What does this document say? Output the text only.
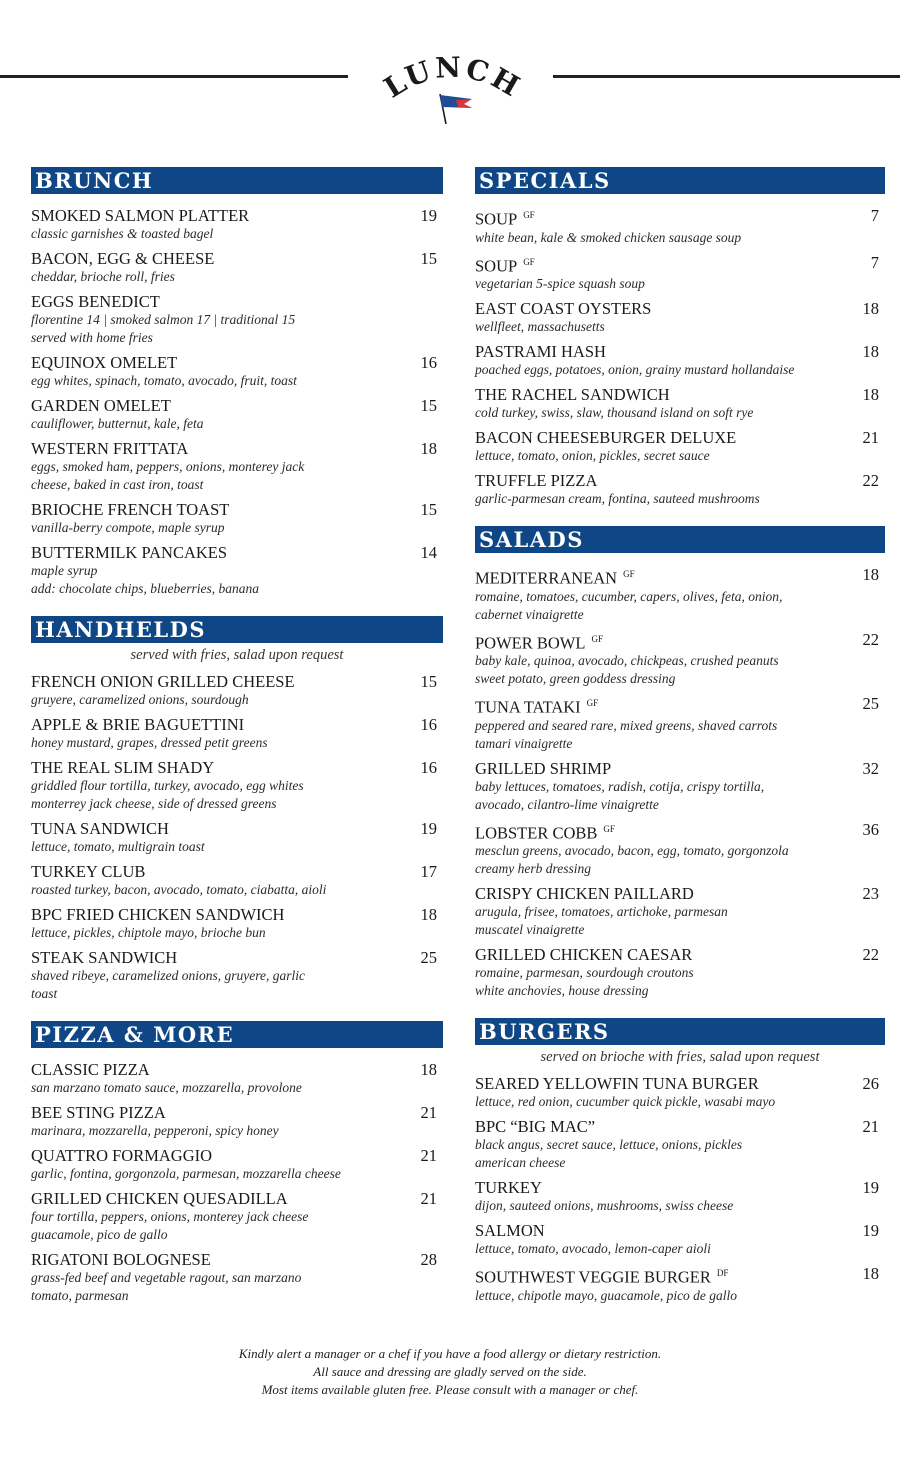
LUNCH
BRUNCH
SMOKED SALMON PLATTER	19
classic garnishes & toasted bagel
BACON, EGG & CHEESE	15
cheddar, brioche roll, fries
EGGS BENEDICT
florentine 14 | smoked salmon 17 | traditional 15
served with home fries
EQUINOX OMELET	16
egg whites, spinach, tomato, avocado, fruit, toast
GARDEN OMELET	15
cauliflower, butternut, kale, feta
WESTERN FRITTATA	18
eggs, smoked ham, peppers, onions, monterey jack
cheese, baked in cast iron, toast
BRIOCHE FRENCH TOAST	15
vanilla-berry compote, maple syrup
BUTTERMILK PANCAKES	14
maple syrup
add: chocolate chips, blueberries, banana
HANDHELDS
served with fries, salad upon request
FRENCH ONION GRILLED CHEESE	15
gruyere, caramelized onions, sourdough
APPLE & BRIE BAGUETTINI	16
honey mustard, grapes, dressed petit greens
THE REAL SLIM SHADY	16
griddled flour tortilla, turkey, avocado, egg whites
monterrey jack cheese, side of dressed greens
TUNA SANDWICH	19
lettuce, tomato, multigrain toast
TURKEY CLUB	17
roasted turkey, bacon, avocado, tomato, ciabatta, aioli
BPC FRIED CHICKEN SANDWICH	18
lettuce, pickles, chiptole mayo, brioche bun
STEAK SANDWICH	25
shaved ribeye, caramelized onions, gruyere, garlic
toast
PIZZA & MORE
CLASSIC PIZZA	18
san marzano tomato sauce, mozzarella, provolone
BEE STING PIZZA	21
marinara, mozzarella, pepperoni, spicy honey
QUATTRO FORMAGGIO	21
garlic, fontina, gorgonzola, parmesan, mozzarella cheese
GRILLED CHICKEN QUESADILLA	21
four tortilla, peppers, onions, monterey jack cheese
guacamole, pico de gallo
RIGATONI BOLOGNESE	28
grass-fed beef and vegetable ragout, san marzano
tomato, parmesan
SPECIALS
SOUP $^{GF}$	7
white bean, kale & smoked chicken sausage soup
SOUP $^{GF}$	7
vegetarian 5-spice squash soup
EAST COAST OYSTERS	18
wellfleet, massachusetts
PASTRAMI HASH	18
poached eggs, potatoes, onion, grainy mustard hollandaise
THE RACHEL SANDWICH	18
cold turkey, swiss, slaw, thousand island on soft rye
BACON CHEESEBURGER DELUXE	21
lettuce, tomato, onion, pickles, secret sauce
TRUFFLE PIZZA	22
garlic-parmesan cream, fontina, sauteed mushrooms
SALADS
MEDITERRANEAN $^{GF}$	18
romaine, tomatoes, cucumber, capers, olives, feta, onion,
cabernet vinaigrette
POWER BOWL $^{GF}$	22
baby kale, quinoa, avocado, chickpeas, crushed peanuts
sweet potato, green goddess dressing
TUNA TATAKI $^{GF}$	25
peppered and seared rare, mixed greens, shaved carrots
tamari vinaigrette
GRILLED SHRIMP	32
baby lettuces, tomatoes, radish, cotija, crispy tortilla,
avocado, cilantro-lime vinaigrette
LOBSTER COBB $^{GF}$	36
mesclun greens, avocado, bacon, egg, tomato, gorgonzola
creamy herb dressing
CRISPY CHICKEN PAILLARD	23
arugula, frisee, tomatoes, artichoke, parmesan
muscatel vinaigrette
GRILLED CHICKEN CAESAR	22
romaine, parmesan, sourdough croutons
white anchovies, house dressing
BURGERS
served on brioche with fries, salad upon request
SEARED YELLOWFIN TUNA BURGER	26
lettuce, red onion, cucumber quick pickle, wasabi mayo
BPC “BIG MAC”	21
black angus, secret sauce, lettuce, onions, pickles
american cheese
TURKEY	19
dijon, sauteed onions, mushrooms, swiss cheese
SALMON	19
lettuce, tomato, avocado, lemon-caper aioli
SOUTHWEST VEGGIE BURGER $^{DF}$	18
lettuce, chipotle mayo, guacamole, pico de gallo
Kindly alert a manager or a chef if you have a food allergy or dietary restriction.
All sauce and dressing are gladly served on the side.
Most items available gluten free. Please consult with a manager or chef.
